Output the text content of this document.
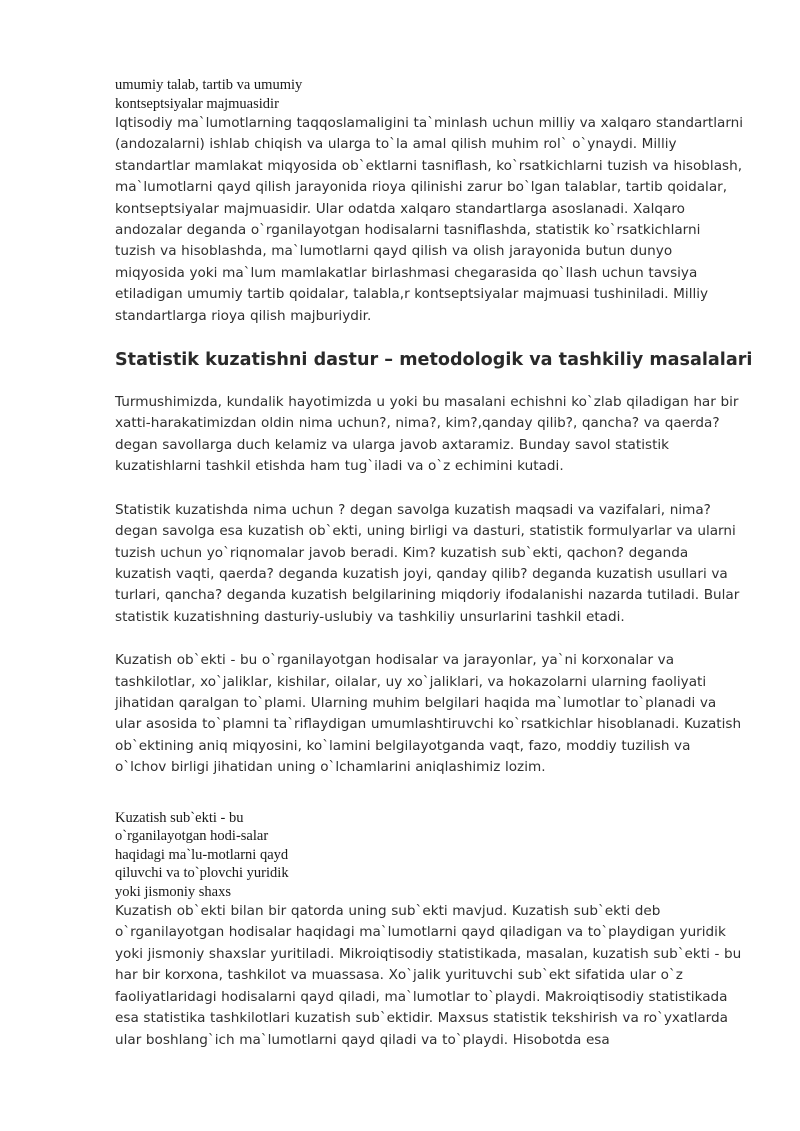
umumiy talab, tartib va umumiy
kontseptsiyalar majmuasidir

Iqtisodiy ma`lumotlarning taqqoslamaligini ta`minlash uchun milliy va xalqaro standartlarni (andozalarni) ishlab chiqish va ularga to`la amal qilish muhim rol` o`ynaydi. Milliy standartlar mamlakat miqyosida ob`ektlarni tasniflash, ko`rsatkichlarni tuzish va hisoblash, ma`lumotlarni qayd qilish jarayonida rioya qilinishi zarur bo`lgan talablar, tartib qoidalar, kontseptsiyalar majmuasidir. Ular odatda xalqaro standartlarga asoslanadi. Xalqaro andozalar deganda o`rganilayotgan hodisalarni tasniflashda, statistik ko`rsatkichlarni tuzish va hisoblashda, ma`lumotlarni qayd qilish va olish jarayonida butun dunyo miqyosida yoki ma`lum mamlakatlar birlashmasi chegarasida qo`llash uchun tavsiya etiladigan umumiy tartib qoidalar, talabla,r kontseptsiyalar majmuasi tushiniladi. Milliy standartlarga rioya qilish majburiydir.

Statistik kuzatishni dastur – metodologik va tashkiliy masalalari

Turmushimizda, kundalik hayotimizda u yoki bu masalani echishni ko`zlab qiladigan har bir xatti-harakatimizdan oldin nima uchun?, nima?, kim?,qanday qilib?, qancha? va qaerda? degan savollarga duch kelamiz va ularga javob axtaramiz. Bunday savol statistik kuzatishlarni tashkil etishda ham tug`iladi va o`z echimini kutadi.

Statistik kuzatishda nima uchun ? degan savolga kuzatish maqsadi va vazifalari, nima? degan savolga esa kuzatish ob`ekti, uning birligi va dasturi, statistik formulyarlar va ularni tuzish uchun yo`riqnomalar javob beradi. Kim? kuzatish sub`ekti, qachon? deganda kuzatish vaqti, qaerda? deganda kuzatish joyi, qanday qilib? deganda kuzatish usullari va turlari, qancha? deganda kuzatish belgilarining miqdoriy ifodalanishi nazarda tutiladi. Bular statistik kuzatishning dasturiy-uslubiy va tashkiliy unsurlarini tashkil etadi.

Kuzatish ob`ekti - bu o`rganilayotgan hodisalar va jarayonlar, ya`ni korxonalar va tashkilotlar, xo`jaliklar, kishilar, oilalar, uy xo`jaliklari, va hokazolarni ularning faoliyati jihatidan qaralgan to`plami. Ularning muhim belgilari haqida ma`lumotlar to`planadi va ular asosida to`plamni ta`riflaydigan umumlashtiruvchi ko`rsatkichlar hisoblanadi. Kuzatish ob`ektining aniq miqyosini, ko`lamini belgilayotganda vaqt, fazo, moddiy tuzilish va o`lchov birligi jihatidan uning o`lchamlarini aniqlashimiz lozim.

Kuzatish sub`ekti - bu
o`rganilayotgan hodi-salar
haqidagi ma`lu-motlarni qayd
qiluvchi va to`plovchi yuridik
yoki jismoniy shaxs

Kuzatish ob`ekti bilan bir qatorda uning sub`ekti mavjud. Kuzatish sub`ekti deb o`rganilayotgan hodisalar haqidagi ma`lumotlarni qayd qiladigan va to`playdigan yuridik yoki jismoniy shaxslar yuritiladi. Mikroiqtisodiy statistikada, masalan, kuzatish sub`ekti - bu har bir korxona, tashkilot va muassasa. Xo`jalik yurituvchi sub`ekt sifatida ular o`z faoliyatlaridagi hodisalarni qayd qiladi, ma`lumotlar to`playdi. Makroiqtisodiy statistikada esa statistika tashkilotlari kuzatish sub`ektidir. Maxsus statistik tekshirish va ro`yxatlarda ular boshlang`ich ma`lumotlarni qayd qiladi va to`playdi. Hisobotda esa
